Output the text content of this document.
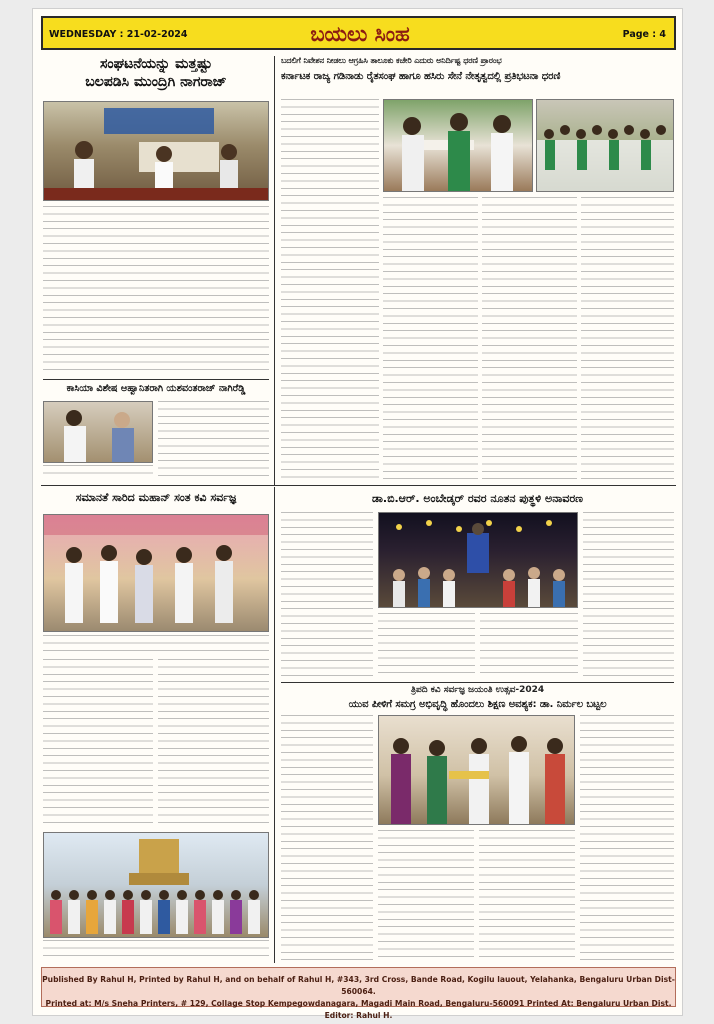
WEDNESDAY : 21-02-2024	ಬಯಲು ಸಿಂಹ	Page : 4
ಸಂಘಟನೆಯನ್ನು ಮತ್ತಷ್ಟು
ಬಲಪಡಿಸಿ ಮುಂದ್ರಿಗಿ ನಾಗರಾಜ್
ಕಾಸಿಯಾ ವಿಶೇಷ ಆಹ್ವಾನಿತರಾಗಿ ಯಶವಂತರಾಜ್ ನಾಗಿರೆಡ್ಡಿ
ಸಮಾನತೆ ಸಾರಿದ ಮಹಾನ್ ಸಂತ ಕವಿ ಸರ್ವಜ್ಞ
ಬದಲಿಗೆ ನಿವೇಶನ ನೀಡಲು ಆಗ್ರಹಿಸಿ ತಾಲೂಕು ಕಚೇರಿ ಎದುರು ಅನಿರ್ದಿಷ್ಟ ಧರಣಿ ಪ್ರಾರಂಭ
ಕರ್ನಾಟಕ ರಾಜ್ಯ ಗಡಿನಾಡು ರೈತಸಂಘ ಹಾಗೂ ಹಸಿರು ಸೇನೆ ನೇತೃತ್ವದಲ್ಲಿ ಪ್ರತಿಭಟನಾ ಧರಣಿ
ಡಾ.ಬಿ.ಆರ್. ಅಂಬೇಡ್ಕರ್ ರವರ ನೂತನ ಪುತ್ಥಳಿ ಅನಾವರಣ
ತ್ರಿಪದಿ ಕವಿ ಸರ್ವಜ್ಞ ಜಯಂತಿ ಉತ್ಸವ-2024
ಯುವ ಪೀಳಿಗೆ ಸಮಗ್ರ ಅಭಿವೃದ್ಧಿ ಹೊಂದಲು ಶಿಕ್ಷಣ ಅವಶ್ಯಕ: ಡಾ. ನಿರ್ಮಲ ಬಟ್ಟಲ
Published By Rahul H, Printed by Rahul H, and on behalf of Rahul H, #343, 3rd Cross, Bande Road, Kogilu lauout, Yelahanka, Bengaluru Urban Dist-560064.
Printed at: M/s Sneha Printers, # 129, Collage Stop Kempegowdanagara, Magadi Main Road, Bengaluru-560091 Printed At: Bengaluru Urban Dist. Editor: Rahul H.
